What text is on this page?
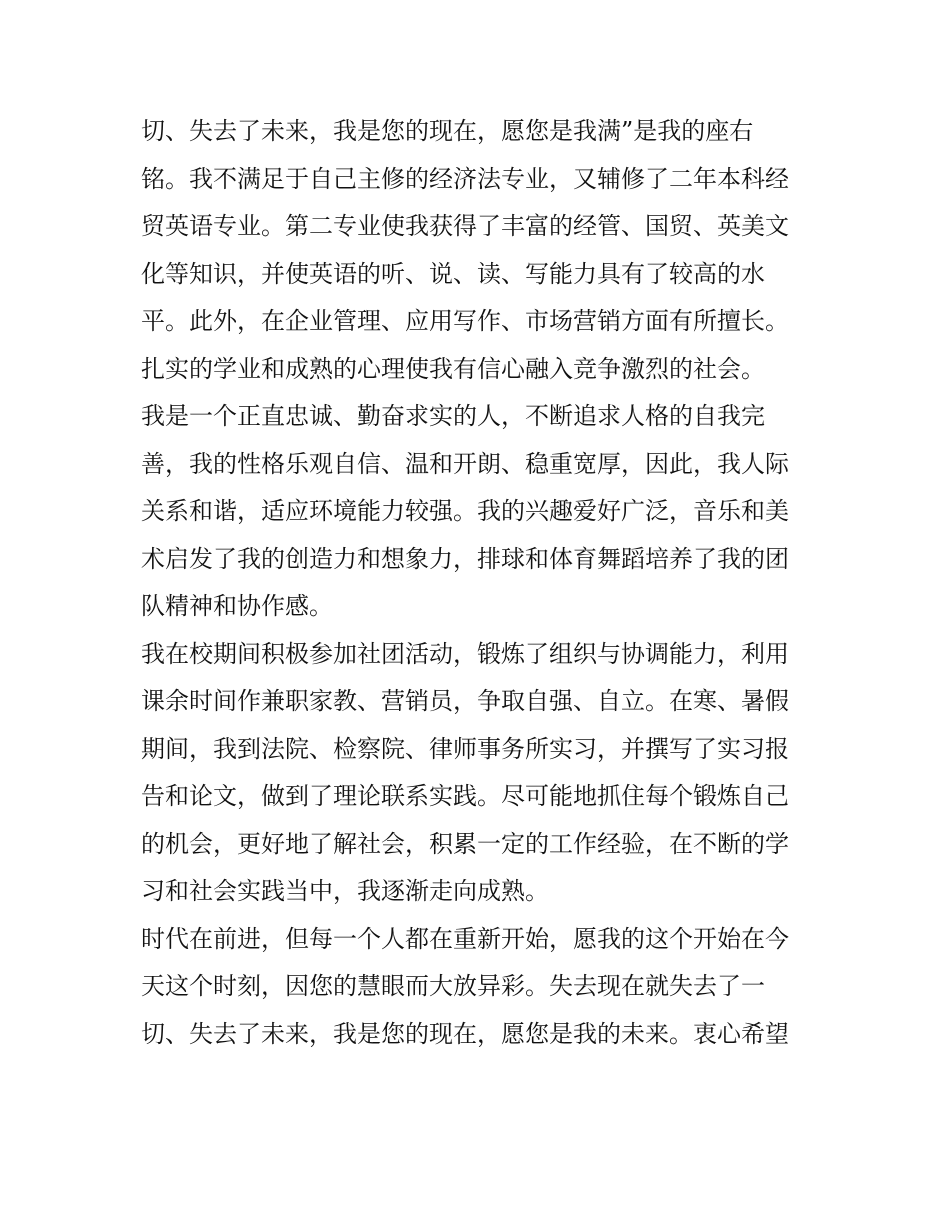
切、失去了未来，我是您的现在，愿您是我满”是我的座右
铭。我不满足于自己主修的经济法专业，又辅修了二年本科经
贸英语专业。第二专业使我获得了丰富的经管、国贸、英美文
化等知识，并使英语的听、说、读、写能力具有了较高的水
平。此外，在企业管理、应用写作、市场营销方面有所擅长。
扎实的学业和成熟的心理使我有信心融入竞争激烈的社会。
我是一个正直忠诚、勤奋求实的人，不断追求人格的自我完
善，我的性格乐观自信、温和开朗、稳重宽厚，因此，我人际
关系和谐，适应环境能力较强。我的兴趣爱好广泛，音乐和美
术启发了我的创造力和想象力，排球和体育舞蹈培养了我的团
队精神和协作感。
我在校期间积极参加社团活动，锻炼了组织与协调能力，利用
课余时间作兼职家教、营销员，争取自强、自立。在寒、暑假
期间，我到法院、检察院、律师事务所实习，并撰写了实习报
告和论文，做到了理论联系实践。尽可能地抓住每个锻炼自己
的机会，更好地了解社会，积累一定的工作经验，在不断的学
习和社会实践当中，我逐渐走向成熟。
时代在前进，但每一个人都在重新开始，愿我的这个开始在今
天这个时刻，因您的慧眼而大放异彩。失去现在就失去了一
切、失去了未来，我是您的现在，愿您是我的未来。衷心希望
